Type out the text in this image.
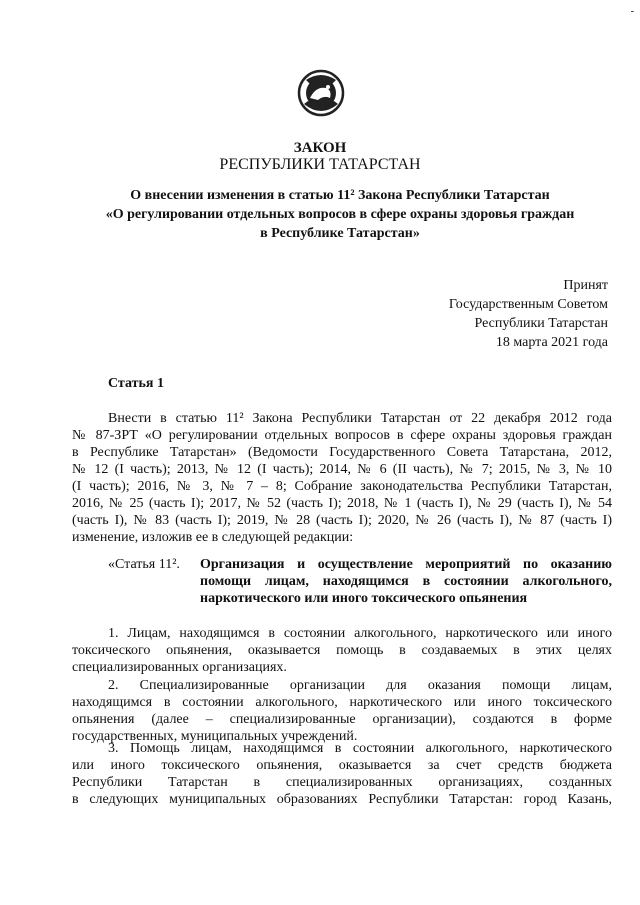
-
ЗАКОН
РЕСПУБЛИКИ ТАТАРСТАН
О внесении изменения в статью 11² Закона Республики Татарстан
«О регулировании отдельных вопросов в сфере охраны здоровья граждан
в Республике Татарстан»
Принят
Государственным Советом
Республики Татарстан
18 марта 2021 года
Статья 1
Внести в статью 11² Закона Республики Татарстан от 22 декабря 2012 года
№ 87-ЗРТ «О регулировании отдельных вопросов в сфере охраны здоровья граждан
в Республике Татарстан» (Ведомости Государственного Совета Татарстана, 2012,
№ 12 (I часть); 2013, № 12 (I часть); 2014, № 6 (II часть), № 7; 2015, № 3, № 10
(I часть); 2016, № 3, № 7 – 8; Собрание законодательства Республики Татарстан,
2016, № 25 (часть I); 2017, № 52 (часть I); 2018, № 1 (часть I), № 29 (часть I), № 54
(часть I), № 83 (часть I); 2019, № 28 (часть I); 2020, № 26 (часть I), № 87 (часть I)
изменение, изложив ее в следующей редакции:
«Статья 11². Организация и осуществление мероприятий по оказанию
помощи лицам, находящимся в состоянии алкогольного,
наркотического или иного токсического опьянения
1. Лицам, находящимся в состоянии алкогольного, наркотического или иного
токсического опьянения, оказывается помощь в создаваемых в этих целях
специализированных организациях.
2. Специализированные организации для оказания помощи лицам,
находящимся в состоянии алкогольного, наркотического или иного токсического
опьянения (далее – специализированные организации), создаются в форме
государственных, муниципальных учреждений.
3. Помощь лицам, находящимся в состоянии алкогольного, наркотического
или иного токсического опьянения, оказывается за счет средств бюджета
Республики Татарстан в специализированных организациях, созданных
в следующих муниципальных образованиях Республики Татарстан: город Казань,
